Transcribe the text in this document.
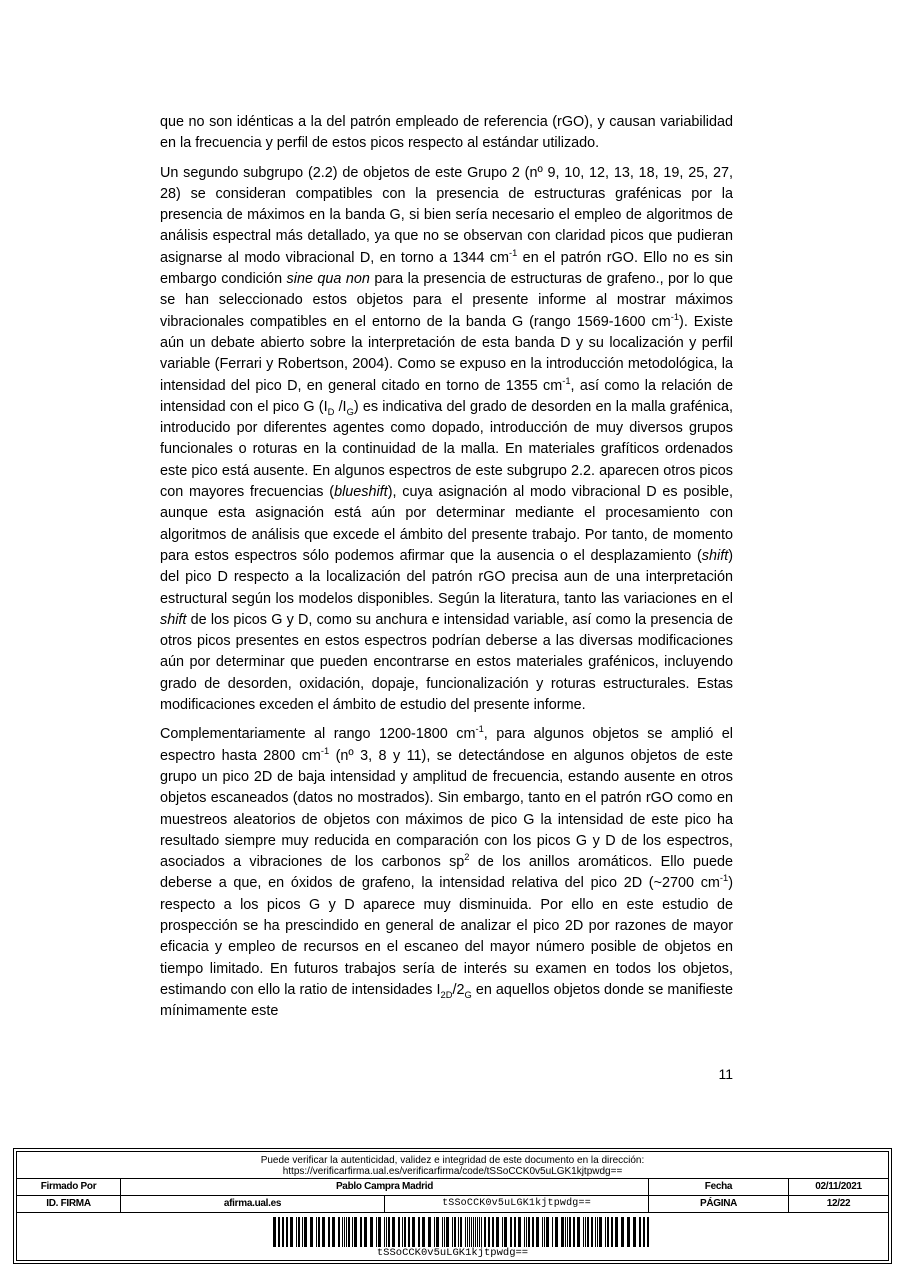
que no son idénticas a la del patrón empleado de referencia (rGO), y causan variabilidad en la frecuencia y perfil de estos picos respecto al estándar utilizado.

Un segundo subgrupo (2.2) de objetos de este Grupo 2 (nº 9, 10, 12, 13, 18, 19, 25, 27, 28) se consideran compatibles con la presencia de estructuras grafénicas por la presencia de máximos en la banda G, si bien sería necesario el empleo de algoritmos de análisis espectral más detallado, ya que no se observan con claridad picos que pudieran asignarse al modo vibracional D, en torno a 1344 $cm^{-1}$ en el patrón rGO. Ello no es sin embargo condición sine qua non para la presencia de estructuras de grafeno., por lo que se han seleccionado estos objetos para el presente informe al mostrar máximos vibracionales compatibles en el entorno de la banda G (rango 1569-1600 $cm^{-1}$). Existe aún un debate abierto sobre la interpretación de esta banda D y su localización y perfil variable (Ferrari y Robertson, 2004). Como se expuso en la introducción metodológica, la intensidad del pico D, en general citado en torno de 1355 $cm^{-1}$, así como la relación de intensidad con el pico G ($I_D$ $/I_G$) es indicativa del grado de desorden en la malla grafénica, introducido por diferentes agentes como dopado, introducción de muy diversos grupos funcionales o roturas en la continuidad de la malla. En materiales grafíticos ordenados este pico está ausente. En algunos espectros de este subgrupo 2.2. aparecen otros picos con mayores frecuencias (blueshift), cuya asignación al modo vibracional D es posible, aunque esta asignación está aún por determinar mediante el procesamiento con algoritmos de análisis que excede el ámbito del presente trabajo. Por tanto, de momento para estos espectros sólo podemos afirmar que la ausencia o el desplazamiento (shift) del pico D respecto a la localización del patrón rGO precisa aun de una interpretación estructural según los modelos disponibles. Según la literatura, tanto las variaciones en el shift de los picos G y D, como su anchura e intensidad variable, así como la presencia de otros picos presentes en estos espectros podrían deberse a las diversas modificaciones aún por determinar que pueden encontrarse en estos materiales grafénicos, incluyendo grado de desorden, oxidación, dopaje, funcionalización y roturas estructurales. Estas modificaciones exceden el ámbito de estudio del presente informe.

Complementariamente al rango 1200-1800 $cm^{-1}$, para algunos objetos se amplió el espectro hasta 2800 $cm^{-1}$ (nº 3, 8 y 11), se detectándose en algunos objetos de este grupo un pico 2D de baja intensidad y amplitud de frecuencia, estando ausente en otros objetos escaneados (datos no mostrados). Sin embargo, tanto en el patrón rGO como en muestreos aleatorios de objetos con máximos de pico G la intensidad de este pico ha resultado siempre muy reducida en comparación con los picos G y D de los espectros, asociados a vibraciones de los carbonos $sp^2$ de los anillos aromáticos. Ello puede deberse a que, en óxidos de grafeno, la intensidad relativa del pico 2D (~2700 $cm^{-1}$) respecto a los picos G y D aparece muy disminuida. Por ello en este estudio de prospección se ha prescindido en general de analizar el pico 2D por razones de mayor eficacia y empleo de recursos en el escaneo del mayor número posible de objetos en tiempo limitado. En futuros trabajos sería de interés su examen en todos los objetos, estimando con ello la ratio de intensidades $I_{2D}/2_G$ en aquellos objetos donde se manifieste mínimamente este

11
Puede verificar la autenticidad, validez e integridad de este documento en la dirección:
https://verificarfirma.ual.es/verificarfirma/code/tSSoCCK0v5uLGK1kjtpwdg==
Firmado Por	Pablo Campra Madrid	Fecha	02/11/2021
ID. FIRMA	afirma.ual.es	tSSoCCK0v5uLGK1kjtpwdg==	PÁGINA	12/22
tSSoCCK0v5uLGK1kjtpwdg==
